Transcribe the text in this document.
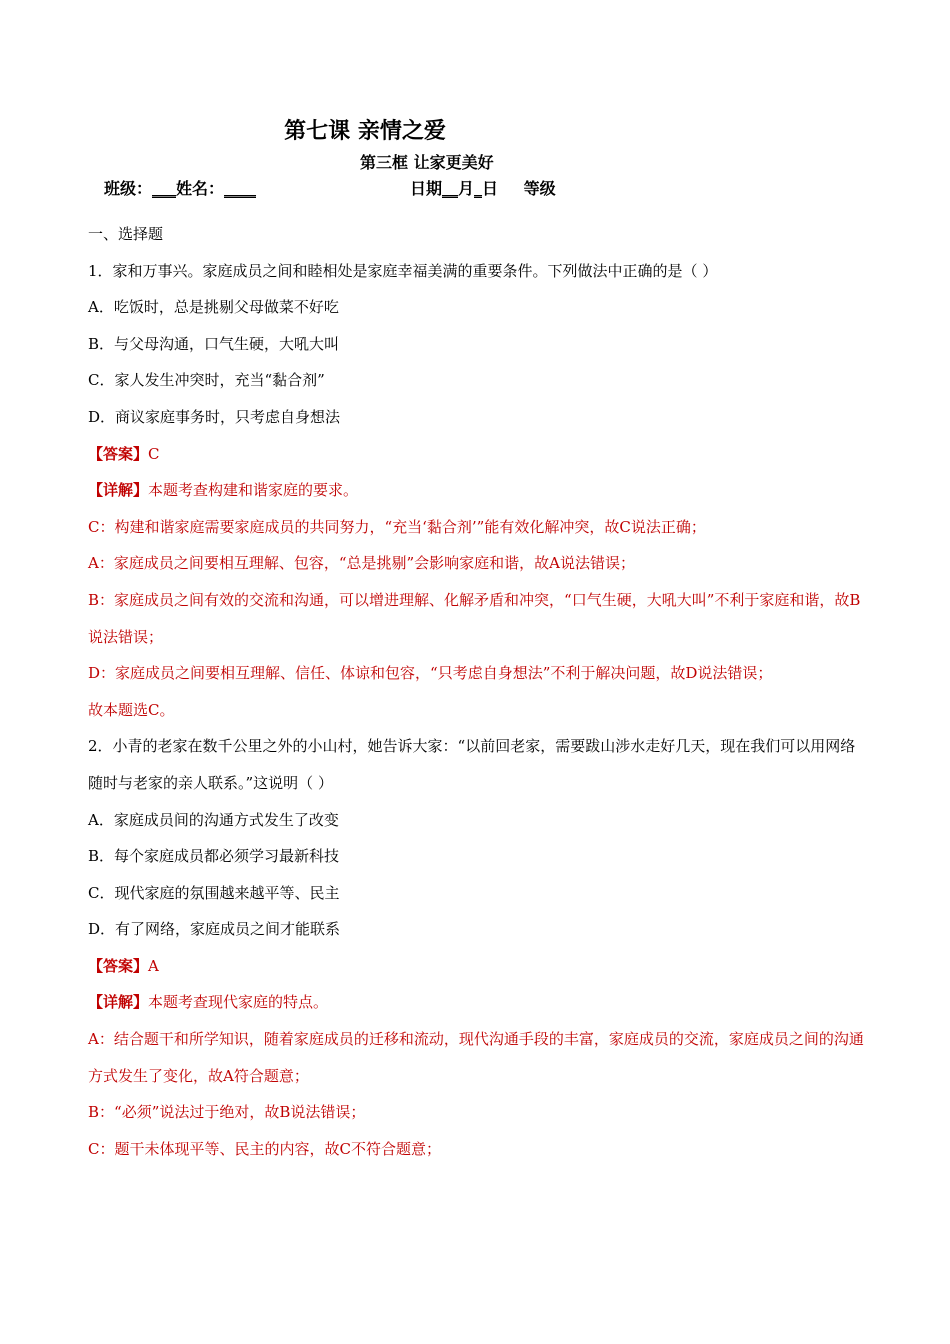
第七课 亲情之爱
第三框 让家更美好
班级：___姓名：____	日期__月_日 等级
一、选择题
1．家和万事兴。家庭成员之间和睦相处是家庭幸福美满的重要条件。下列做法中正确的是（ ）
A．吃饭时，总是挑剔父母做菜不好吃
B．与父母沟通，口气生硬，大吼大叫
C．家人发生冲突时，充当“黏合剂”
D．商议家庭事务时，只考虑自身想法
【答案】C
【详解】本题考查构建和谐家庭的要求。
C：构建和谐家庭需要家庭成员的共同努力，“充当‘黏合剂’”能有效化解冲突，故C说法正确；
A：家庭成员之间要相互理解、包容，“总是挑剔”会影响家庭和谐，故A说法错误；
B：家庭成员之间有效的交流和沟通，可以增进理解、化解矛盾和冲突，“口气生硬，大吼大叫”不利于家庭和谐，故B说法错误；
D：家庭成员之间要相互理解、信任、体谅和包容，“只考虑自身想法”不利于解决问题，故D说法错误；
故本题选C。
2．小青的老家在数千公里之外的小山村，她告诉大家：“以前回老家，需要跋山涉水走好几天，现在我们可以用网络随时与老家的亲人联系。”这说明（ ）
A．家庭成员间的沟通方式发生了改变
B．每个家庭成员都必须学习最新科技
C．现代家庭的氛围越来越平等、民主
D．有了网络，家庭成员之间才能联系
【答案】A
【详解】本题考查现代家庭的特点。
A：结合题干和所学知识，随着家庭成员的迁移和流动，现代沟通手段的丰富，家庭成员的交流，家庭成员之间的沟通方式发生了变化，故A符合题意；
B：“必须”说法过于绝对，故B说法错误；
C：题干未体现平等、民主的内容，故C不符合题意；
